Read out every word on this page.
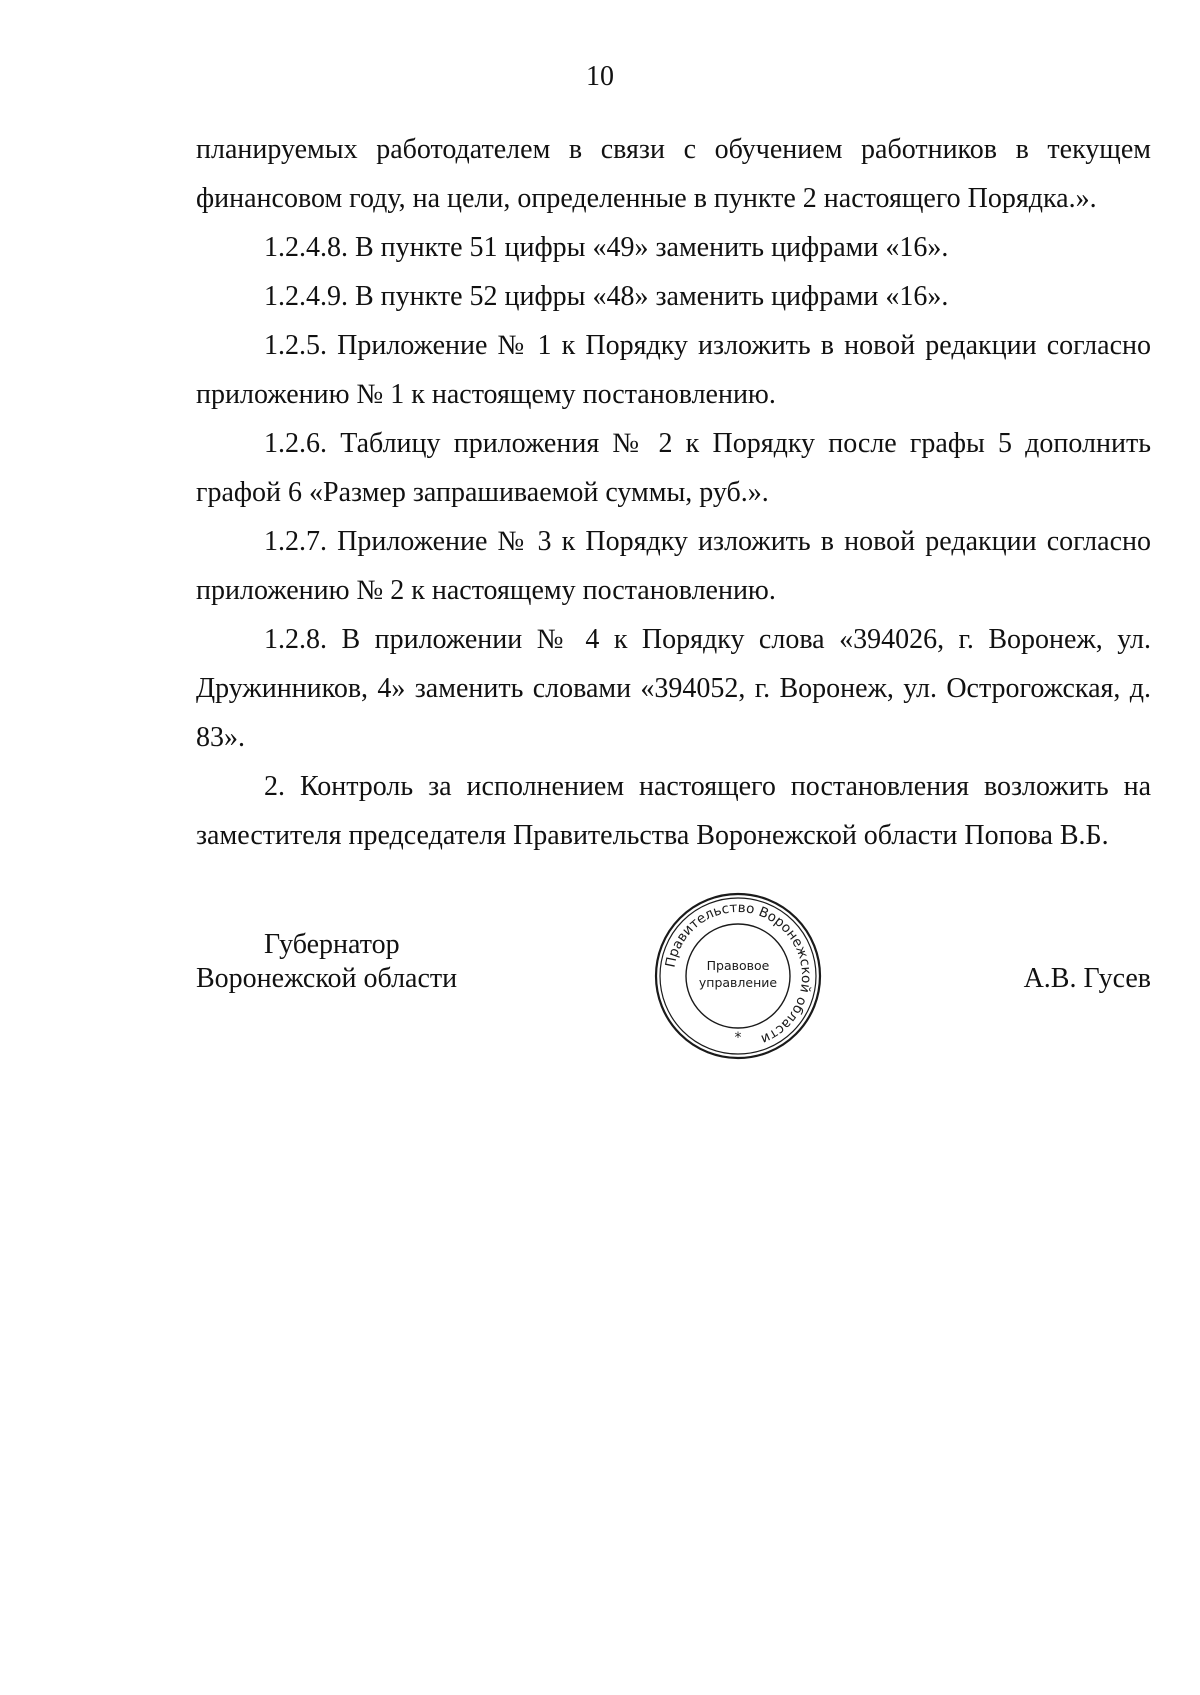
10

планируемых работодателем в связи с обучением работников в текущем финансовом году, на цели, определенные в пункте 2 настоящего Порядка.».

1.2.4.8. В пункте 51 цифры «49» заменить цифрами «16».

1.2.4.9. В пункте 52 цифры «48» заменить цифрами «16».

1.2.5. Приложение № 1 к Порядку изложить в новой редакции согласно приложению № 1 к настоящему постановлению.

1.2.6. Таблицу приложения № 2 к Порядку после графы 5 дополнить графой 6 «Размер запрашиваемой суммы, руб.».

1.2.7. Приложение № 3 к Порядку изложить в новой редакции согласно приложению № 2 к настоящему постановлению.

1.2.8. В приложении № 4 к Порядку слова «394026, г. Воронеж, ул. Дружинников, 4» заменить словами «394052, г. Воронеж, ул. Острогожская, д. 83».

2. Контроль за исполнением настоящего постановления возложить на заместителя председателя Правительства Воронежской области Попова В.Б.

Губернатор
Воронежской области
Правительство Воронежской области
Правовое
управление
*
А.В. Гусев
